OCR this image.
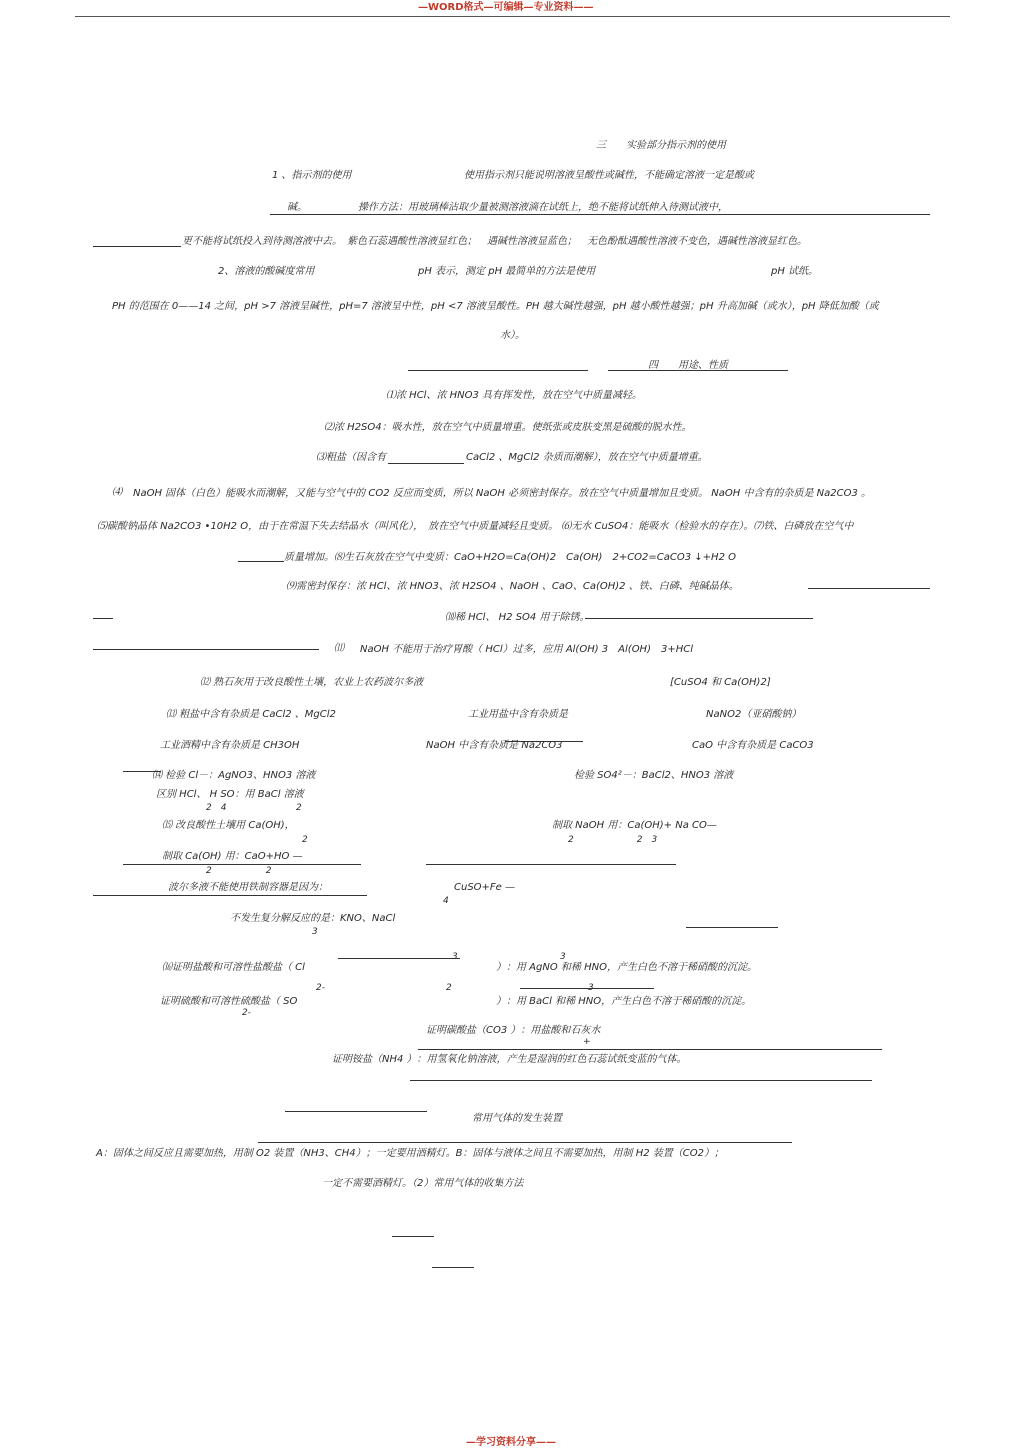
—WORD格式—可编辑—专业资料——
三　　实验部分指示剂的使用
1 、指示剂的使用	使用指示剂只能说明溶液呈酸性或碱性，不能确定溶液一定是酸或
碱。	操作方法：用玻璃棒沾取少量被测溶液滴在试纸上，绝不能将试纸伸入待测试液中，
更不能将试纸投入到待测溶液中去。　紫色石蕊遇酸性溶液显红色；　遇碱性溶液显蓝色；　无色酚酞遇酸性溶液不变色，遇碱性溶液显红色。
2、溶液的酸碱度常用	pH 表示，测定 pH 最简单的方法是使用	pH 试纸。
PH 的范围在 0——14 之间，pH >7 溶液呈碱性，pH=7 溶液呈中性，pH <7 溶液呈酸性。PH 越大碱性越强，pH 越小酸性越强；pH 升高加碱（或水），pH 降低加酸（或
水）。
四　　用途、性质
⑴浓 HCl、浓 HNO3 具有挥发性，放在空气中质量减轻。
⑵浓 H2SO4：吸水性，放在空气中质量增重。使纸张或皮肤变黑是硫酸的脱水性。
⑶粗盐（因含有	CaCl2 、MgCl2 杂质而潮解），放在空气中质量增重。
⑷ NaOH 固体（白色）能吸水而潮解，又能与空气中的 CO2 反应而变质，所以 NaOH 必须密封保存。放在空气中质量增加且变质。 NaOH 中含有的杂质是 Na2CO3 。
⑸碳酸钠晶体 Na2CO3 •10H2 O，由于在常温下失去结晶水（叫风化），　放在空气中质量减轻且变质。 ⑹无水 CuSO4：能吸水（检验水的存在）。⑺铁、白磷放在空气中
质量增加。⑻生石灰放在空气中变质：CaO+H2O=Ca(OH)2　Ca(OH)　2+CO2=CaCO3 ↓+H2 O
⑼需密封保存：浓 HCl、浓 HNO3、浓 H2SO4 、NaOH 、CaO、Ca(OH)2 、铁、白磷、纯碱晶体。
⑽稀 HCl、 H2 SO4 用于除锈。
⑾ NaOH 不能用于治疗胃酸（ HCl）过多，应用 Al(OH) 3　Al(OH)　3+HCl
⑿ 熟石灰用于改良酸性土壤，农业上农药波尔多液	[CuSO4 和 Ca(OH)2]
⒀ 粗盐中含有杂质是 CaCl2 、MgCl2	工业用盐中含有杂质是	NaNO2（亚硝酸钠）
工业酒精中含有杂质是 CH3OH	NaOH 中含有杂质是 Na2CO3	CaO 中含有杂质是 CaCO3
⒁ 检验 Cl－：AgNO3、HNO3 溶液	检验 SO4²－：BaCl2、HNO3 溶液
区别 HCl、 H SO：用 BaCl 溶液
2　4	2
⒂ 改良酸性土壤用 Ca(OH)，
2
制取 NaOH 用：Ca(OH)+ Na CO—
2　　　　　　　2　3
制取 Ca(OH) 用：CaO+HO —
2　　　　　　2
波尔多液不能使用铁制容器是因为：	CuSO+Fe —
4
不发生复分解反应的是：KNO、NaCl
3
3	3
⒃证明盐酸和可溶性盐酸盐（ Cl	）：用 AgNO 和稀 HNO，产生白色不溶于稀硝酸的沉淀。
2-	2	3
证明硫酸和可溶性硫酸盐（ SO	）：用 BaCl 和稀 HNO，产生白色不溶于稀硝酸的沉淀。
2-
证明碳酸盐（CO3 ）：用盐酸和石灰水
+
证明铵盐（NH4 ）：用氢氧化钠溶液，产生是湿润的红色石蕊试纸变蓝的气体。
常用气体的发生装置
A：固体之间反应且需要加热，用制 O2 装置（NH3、CH4）；一定要用酒精灯。B：固体与液体之间且不需要加热，用制 H2 装置（CO2）；
一定不需要酒精灯。（2）常用气体的收集方法
—学习资料分享——
